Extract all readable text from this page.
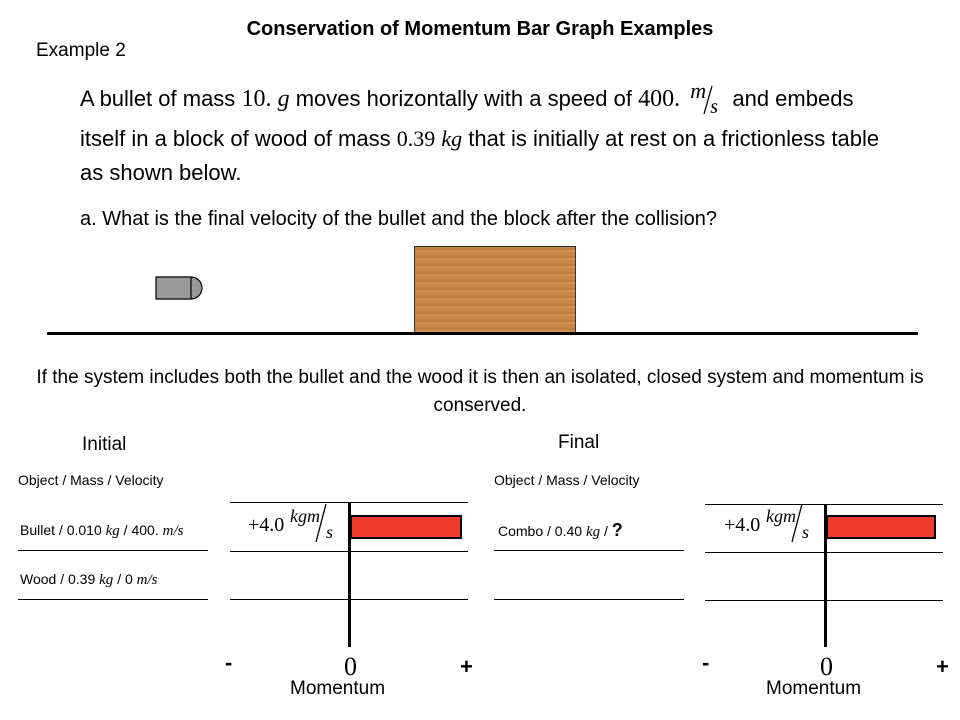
Conservation of Momentum Bar Graph Examples
Example 2
A bullet of mass 10. g moves horizontally with a speed of 400. m
s and embeds
itself in a block of wood of mass 0.39 kg that is initially at rest on a frictionless table
as shown below.
a. What is the final velocity of the bullet and the block after the collision?
If the system includes both the bullet and the wood it is then an isolated, closed system and momentum is conserved.
Initial
Object / Mass / Velocity
Bullet / 0.010 kg / 400. m/s
Wood / 0.39 kg / 0 m/s
+4.0 kgm
s
-	0	+
Momentum
Final
Object / Mass / Velocity
Combo / 0.40 kg / ?	+4.0 kgm
s
-	0	+
Momentum
